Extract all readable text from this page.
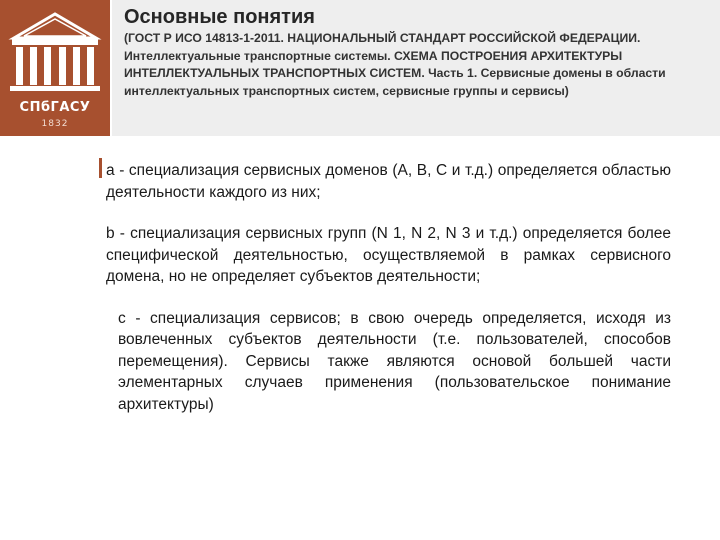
СПбГАСУ
1832
Основные понятия
(ГОСТ Р ИСО 14813-1-2011. НАЦИОНАЛЬНЫЙ СТАНДАРТ РОССИЙСКОЙ ФЕДЕРАЦИИ. Интеллектуальные транспортные системы. СХЕМА ПОСТРОЕНИЯ АРХИТЕКТУРЫ ИНТЕЛЛЕКТУАЛЬНЫХ ТРАНСПОРТНЫХ СИСТЕМ. Часть 1. Сервисные домены в области интеллектуальных транспортных систем, сервисные группы и сервисы)

а - специализация сервисных доменов (A, B, C и т.д.) определяется областью деятельности каждого из них;

b - специализация сервисных групп (N 1, N 2, N 3 и т.д.) определяется более специфической деятельностью, осуществляемой в рамках сервисного домена, но не определяет субъектов деятельности;

c - специализация сервисов; в свою очередь определяется, исходя из вовлеченных субъектов деятельности (т.е. пользователей, способов перемещения). Сервисы также являются основой большей части элементарных случаев применения (пользовательское понимание архитектуры)
